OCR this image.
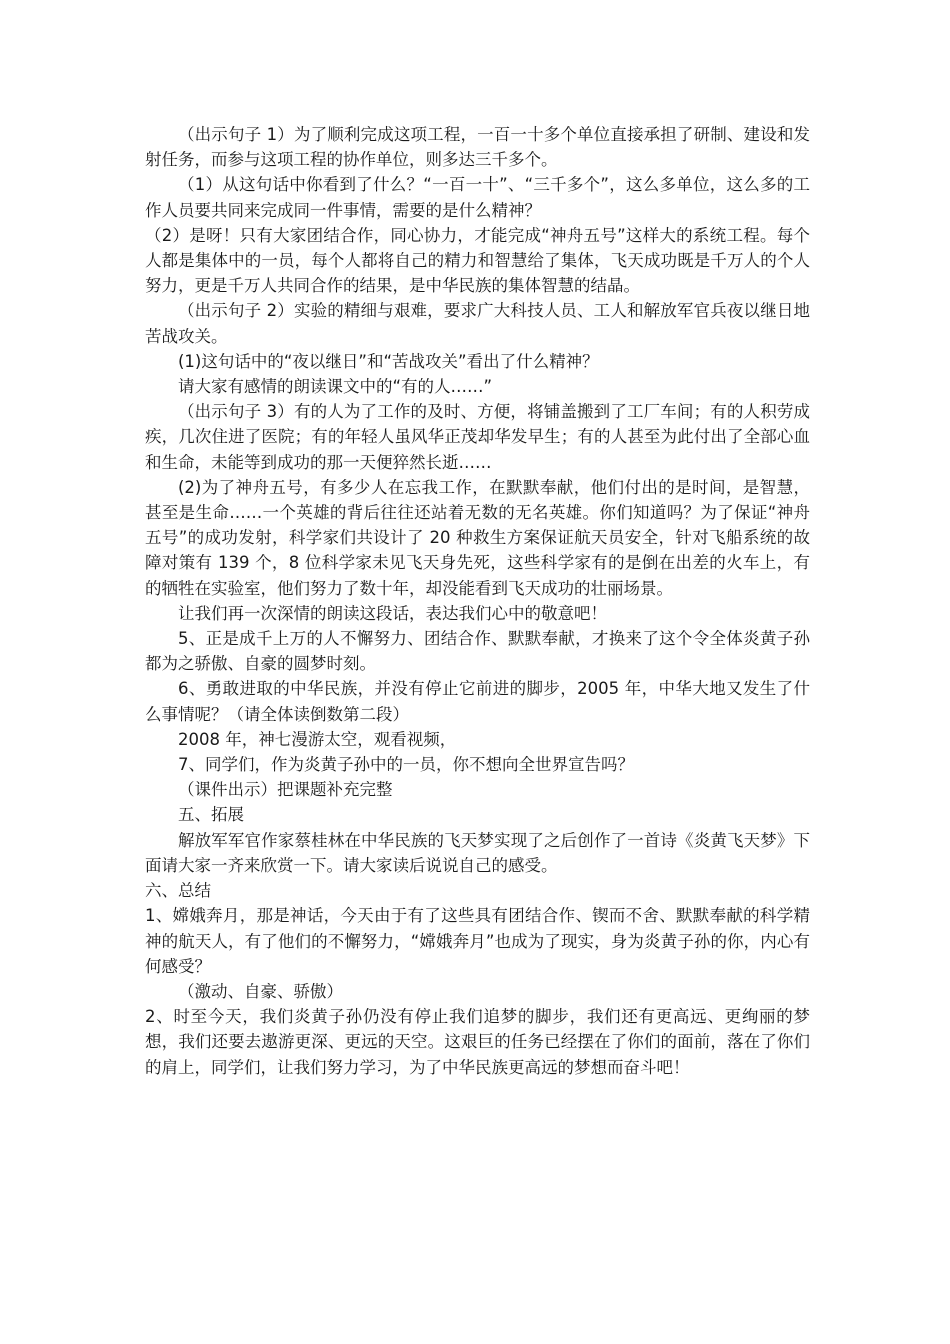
（出示句子 1）为了顺利完成这项工程，一百一十多个单位直接承担了研制、建设和发射任务，而参与这项工程的协作单位，则多达三千多个。

（1）从这句话中你看到了什么？“一百一十”、“三千多个”，这么多单位，这么多的工作人员要共同来完成同一件事情，需要的是什么精神？

（2）是呀！只有大家团结合作，同心协力，才能完成“神舟五号”这样大的系统工程。每个人都是集体中的一员，每个人都将自己的精力和智慧给了集体，飞天成功既是千万人的个人努力，更是千万人共同合作的结果，是中华民族的集体智慧的结晶。

（出示句子 2）实验的精细与艰难，要求广大科技人员、工人和解放军官兵夜以继日地苦战攻关。

(1)这句话中的“夜以继日”和“苦战攻关”看出了什么精神？

请大家有感情的朗读课文中的“有的人……”

（出示句子 3）有的人为了工作的及时、方便，将铺盖搬到了工厂车间；有的人积劳成疾，几次住进了医院；有的年轻人虽风华正茂却华发早生；有的人甚至为此付出了全部心血和生命，未能等到成功的那一天便猝然长逝……

(2)为了神舟五号，有多少人在忘我工作，在默默奉献，他们付出的是时间，是智慧，甚至是生命……一个英雄的背后往往还站着无数的无名英雄。你们知道吗？为了保证“神舟五号”的成功发射，科学家们共设计了 20 种救生方案保证航天员安全，针对飞船系统的故障对策有 139 个，8 位科学家未见飞天身先死，这些科学家有的是倒在出差的火车上，有的牺牲在实验室，他们努力了数十年，却没能看到飞天成功的壮丽场景。

让我们再一次深情的朗读这段话，表达我们心中的敬意吧！

5、正是成千上万的人不懈努力、团结合作、默默奉献，才换来了这个令全体炎黄子孙都为之骄傲、自豪的圆梦时刻。

6、勇敢进取的中华民族，并没有停止它前进的脚步，2005 年，中华大地又发生了什么事情呢？（请全体读倒数第二段）

2008 年，神七漫游太空，观看视频，

7、同学们，作为炎黄子孙中的一员，你不想向全世界宣告吗？

（课件出示）把课题补充完整

五、拓展

解放军军官作家蔡桂林在中华民族的飞天梦实现了之后创作了一首诗《炎黄飞天梦》下面请大家一齐来欣赏一下。请大家读后说说自己的感受。

六、总结

1、嫦娥奔月，那是神话，今天由于有了这些具有团结合作、锲而不舍、默默奉献的科学精神的航天人，有了他们的不懈努力，“嫦娥奔月”也成为了现实，身为炎黄子孙的你，内心有何感受？

（激动、自豪、骄傲）

2、时至今天，我们炎黄子孙仍没有停止我们追梦的脚步，我们还有更高远、更绚丽的梦想，我们还要去遨游更深、更远的天空。这艰巨的任务已经摆在了你们的面前，落在了你们的肩上，同学们，让我们努力学习，为了中华民族更高远的梦想而奋斗吧！
